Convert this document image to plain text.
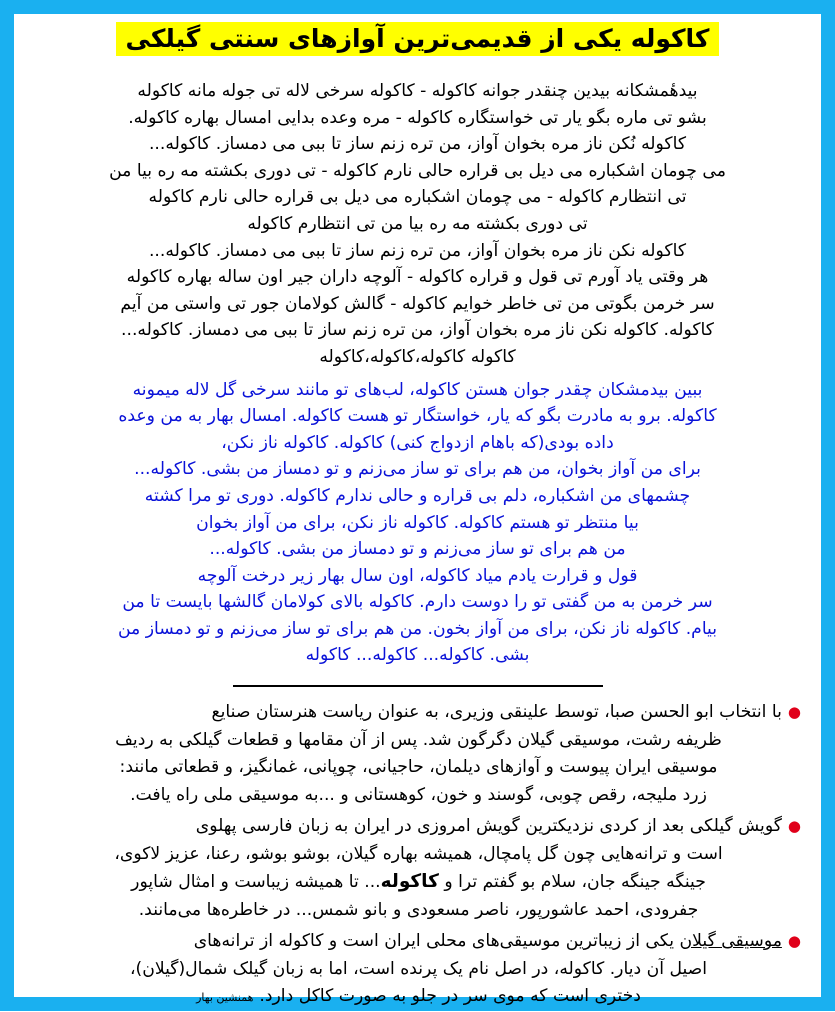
کاکوله یکی از قدیمی‌ترین آوازهای سنتی گیلکی
بیدهٔمشکانه بیدین چنقدر جوانه کاکوله - کاکوله سرخی لاله تی جوله مانه کاکوله
بشو تی ماره بگو یار تی خواستگاره کاکوله - مره وعده بدایی امسال بهاره کاکوله.
کاکوله نُکن ناز مره بخوان آواز، من تره زنم ساز تا ببی می دمساز. کاکوله...
می چومان اشکباره می دیل بی قراره حالی نارم کاکوله - تی دوری بکشته مه ره بیا من
تی انتظارم کاکوله - می چومان اشکباره می دیل بی قراره حالی نارم کاکوله
تی دوری بکشته مه ره بیا من تی انتظارم کاکوله
کاکوله نکن ناز مره بخوان آواز، من تره زنم ساز تا ببی می دمساز. کاکوله...
هر وقتی یاد آورم تی قول و قراره کاکوله - آلوچه داران جیر اون ساله بهاره کاکوله
سر خرمن بگوتی من تی خاطر خوایم کاکوله - گالش کولامان جور تی واستی من آیم
کاکوله. کاکوله نکن ناز مره بخوان آواز، من تره زنم ساز تا ببی می دمساز. کاکوله...
کاکوله کاکوله،کاکوله،کاکوله
ببین بیدمشکان چقدر جوان هستن کاکوله، لب‌های تو مانند سرخی گل لاله میمونه
کاکوله. برو به مادرت بگو که یار، خواستگار تو هست کاکوله. امسال بهار به من وعده
داده بودی(که باهام ازدواج کنی) کاکوله. کاکوله ناز نکن،
برای من آواز بخوان، من هم برای تو ساز می‌زنم و تو دمساز من بشی. کاکوله...
چشمهای من اشکباره، دلم بی قراره و حالی ندارم کاکوله. دوری تو مرا کشته
بیا منتظر تو هستم کاکوله. کاکوله ناز نکن، برای من آواز بخوان
من هم برای تو ساز می‌زنم و تو دمساز من بشی. کاکوله...
قول و قرارت یادم میاد کاکوله، اون سال بهار زیر درخت آلوچه
سر خرمن به من گفتی تو را دوست دارم. کاکوله بالای کولامان گالشها بایست تا من
بیام. کاکوله ناز نکن، برای من آواز بخون. من هم برای تو ساز می‌زنم و تو دمساز من
بشی. کاکوله... کاکوله... کاکوله
●با انتخاب ابو الحسن صبا، توسط علینقی وزیری، به عنوان ریاست هنرستان صنایع
ظریفه رشت، موسیقی گیلان دگرگون شد. پس از آن مقامها و قطعات گیلکی به ردیف
موسیقی ایران پیوست و آوازهای دیلمان، حاجیانی، چوپانی، غمانگیز، و قطعاتی مانند:
زرد ملیجه، رقص چوبی، گوسند و خون، کوهستانی و ...به موسیقی ملی راه یافت.
●گویش گیلکی بعد از کردی نزدیکترین گویش امروزی در ایران به زبان فارسی پهلوی
است و ترانه‌هایی چون گل پامچال، همیشه بهاره گیلان، بوشو بوشو، رعنا، عزیز لاکوی،
جینگه جینگه جان، سلام بو گفتم ترا و کاکوله... تا همیشه زیباست و امثال شاپور
جفرودی، احمد عاشورپور، ناصر مسعودی و بانو شمس... در خاطره‌ها می‌مانند.
●موسیقی گیلان یکی از زیباترین موسیقی‌های محلی ایران است و کاکوله از ترانه‌های
اصیل آن دیار. کاکوله، در اصل نام یک پرنده است، اما به زبان گیلک شمال(گیلان)،
دختری است که موی سر در جلو به صورت کاکل دارد.همنشین بهار
